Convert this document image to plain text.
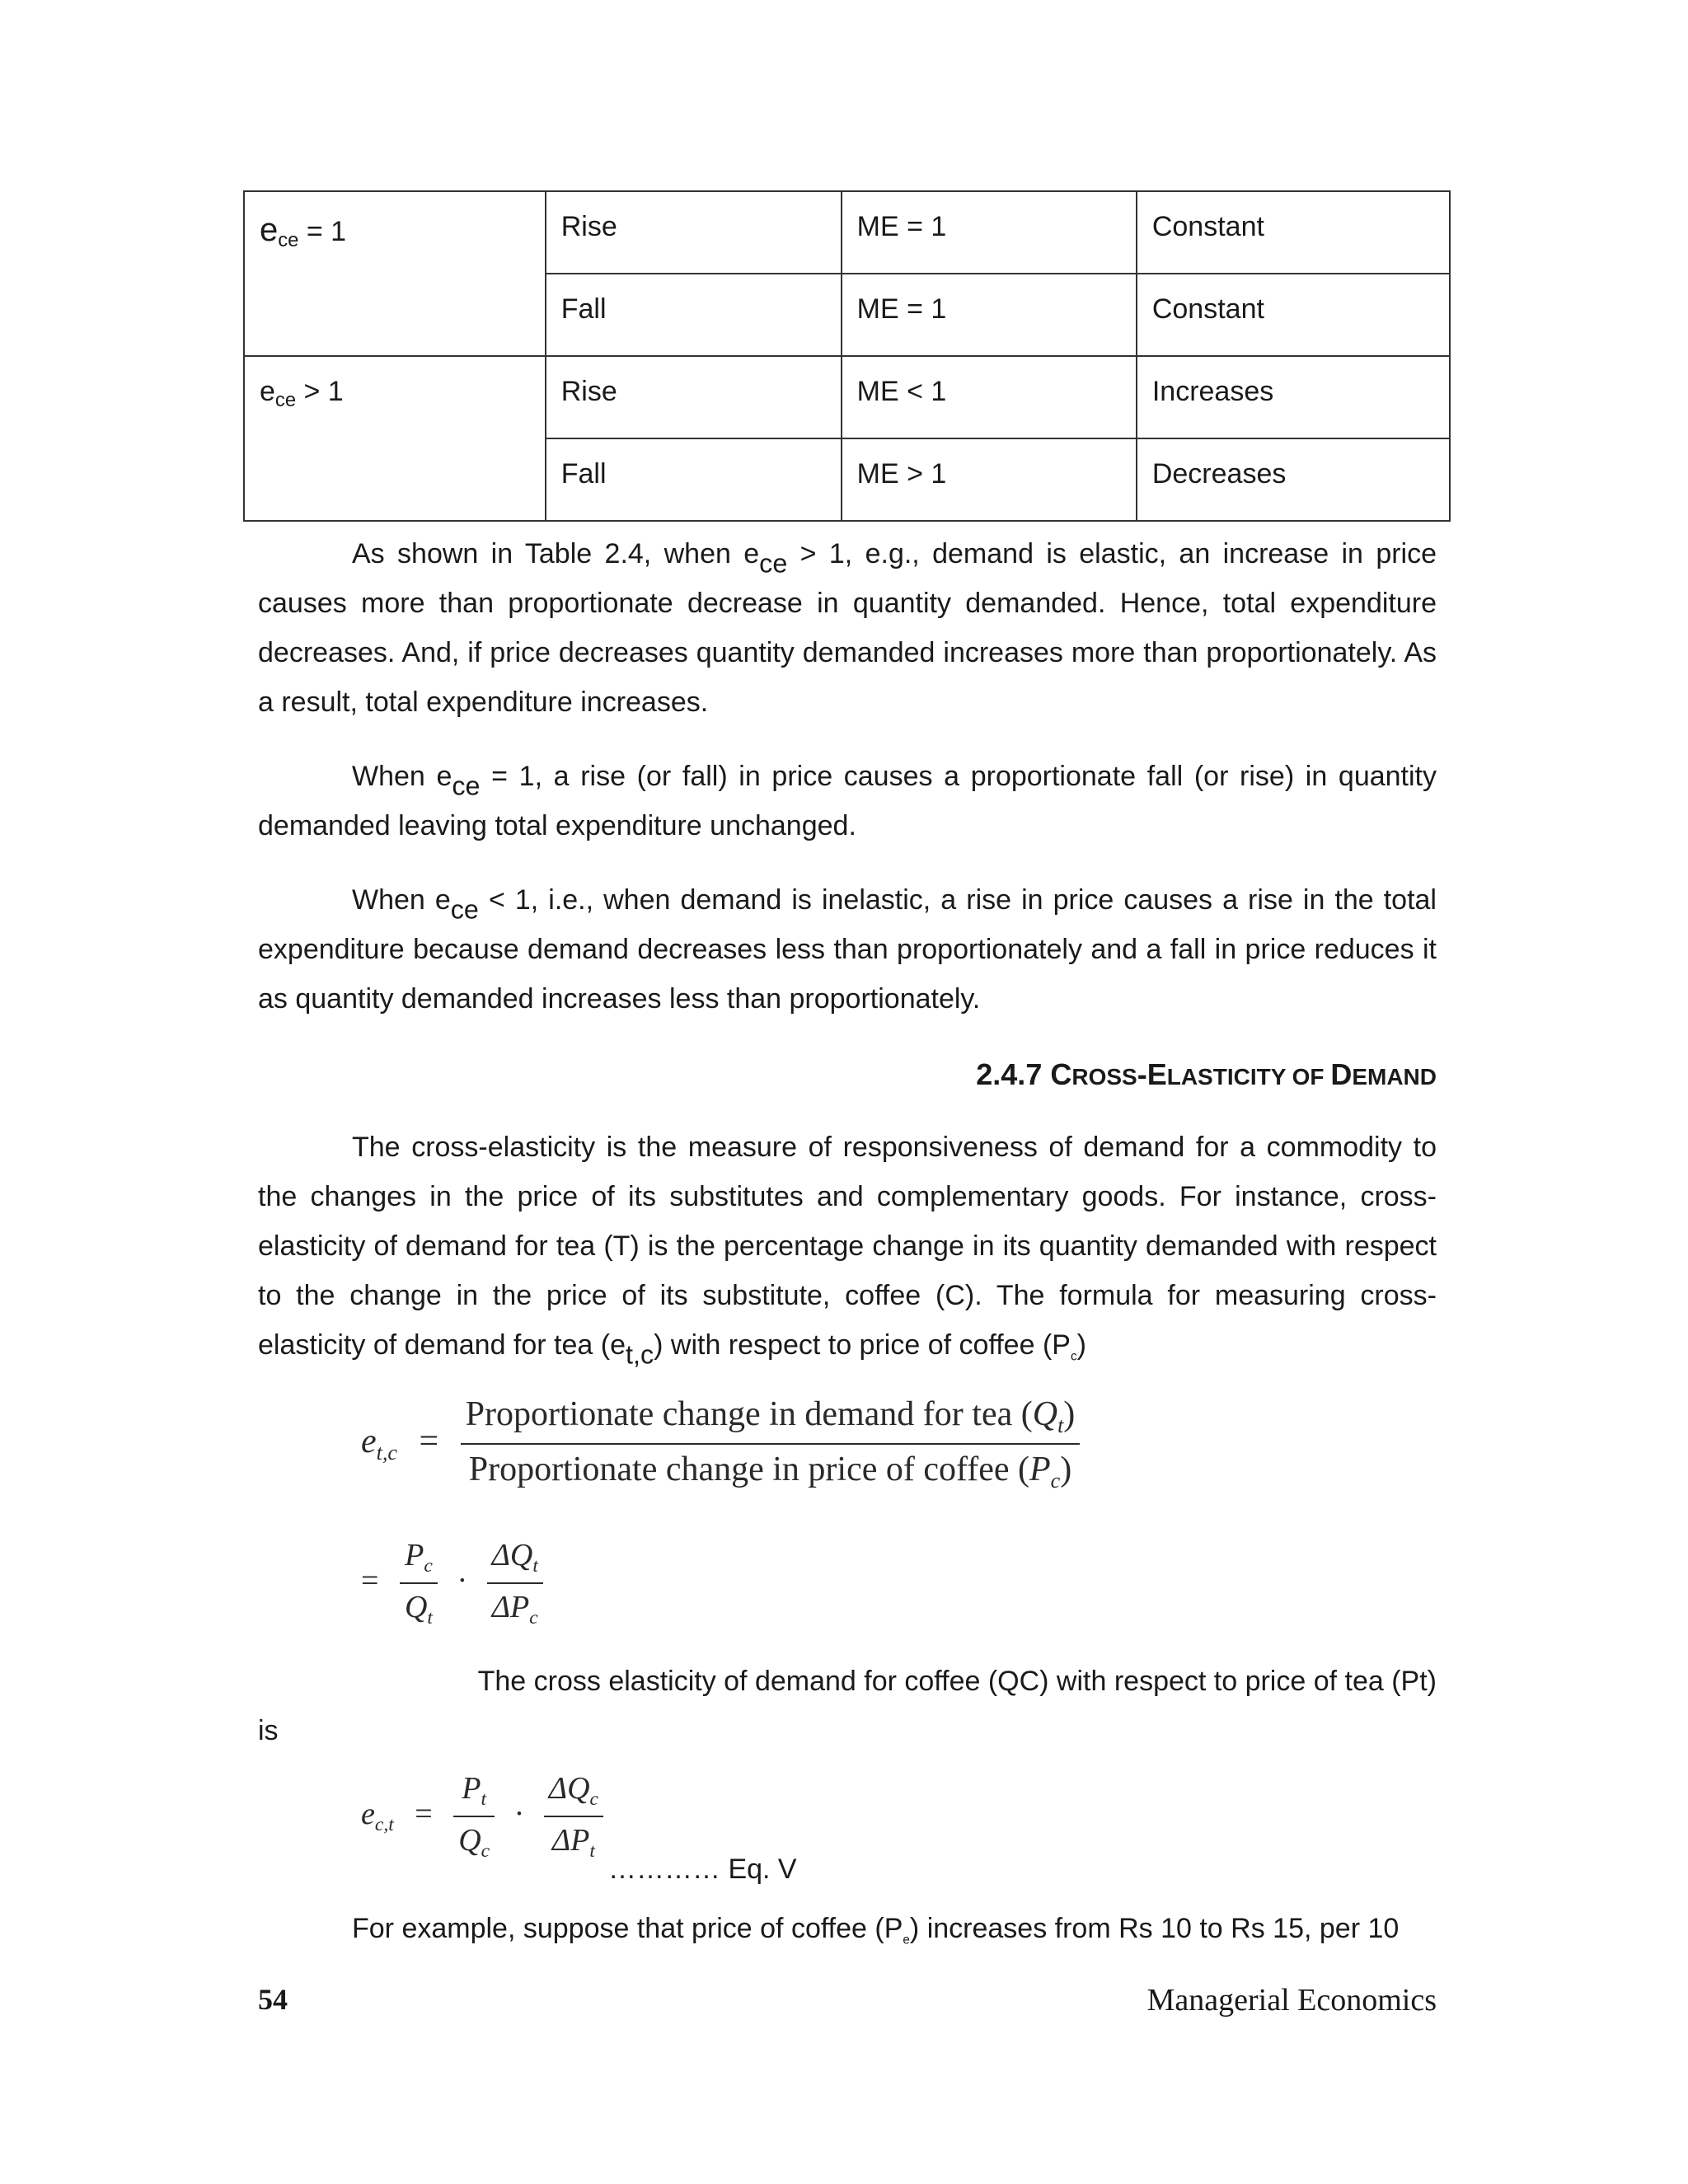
$e_{ce} = 1$	Rise	ME = 1	Constant
	Fall	ME = 1	Constant
$e_{ce} > 1$	Rise	ME < 1	Increases
	Fall	ME > 1	Decreases
As shown in Table 2.4, when ece > 1, e.g., demand is elastic, an increase in price causes more than proportionate decrease in quantity demanded. Hence, total expenditure decreases. And, if price decreases quantity demanded increases more than proportionately. As a result, total expenditure increases.
When ece = 1, a rise (or fall) in price causes a proportionate fall (or rise) in quantity demanded leaving total expenditure unchanged.
When ece < 1, i.e., when demand is inelastic, a rise in price causes a rise in the total expenditure because demand decreases less than proportionately and a fall in price reduces it as quantity demanded increases less than proportionately.
2.4.7 CROSS-ELASTICITY OF DEMAND
The cross-elasticity is the measure of responsiveness of demand for a commodity to the changes in the price of its substitutes and complementary goods. For instance, cross-elasticity of demand for tea (T) is the percentage change in its quantity demanded with respect to the change in the price of its substitute, coffee (C). The formula for measuring cross-elasticity of demand for tea (et,c) with respect to price of coffee $(P_c)$
$e_{t,c} = \frac{Proportionate change in demand for tea (Q_t)}{Proportionate change in price of coffee (P_c)}$
= $\frac{P_c}{Q_t} \cdot \frac{\Delta Q_t}{\Delta P_c}$
The cross elasticity of demand for coffee (QC) with respect to price of tea (Pt)
is
$e_{c,t} = \frac{P_t}{Q_c} \cdot \frac{\Delta Q_c}{\Delta P_t}$
………… Eq. V
For example, suppose that price of coffee $(P_e)$ increases from Rs 10 to Rs 15, per 10
54	Managerial Economics
